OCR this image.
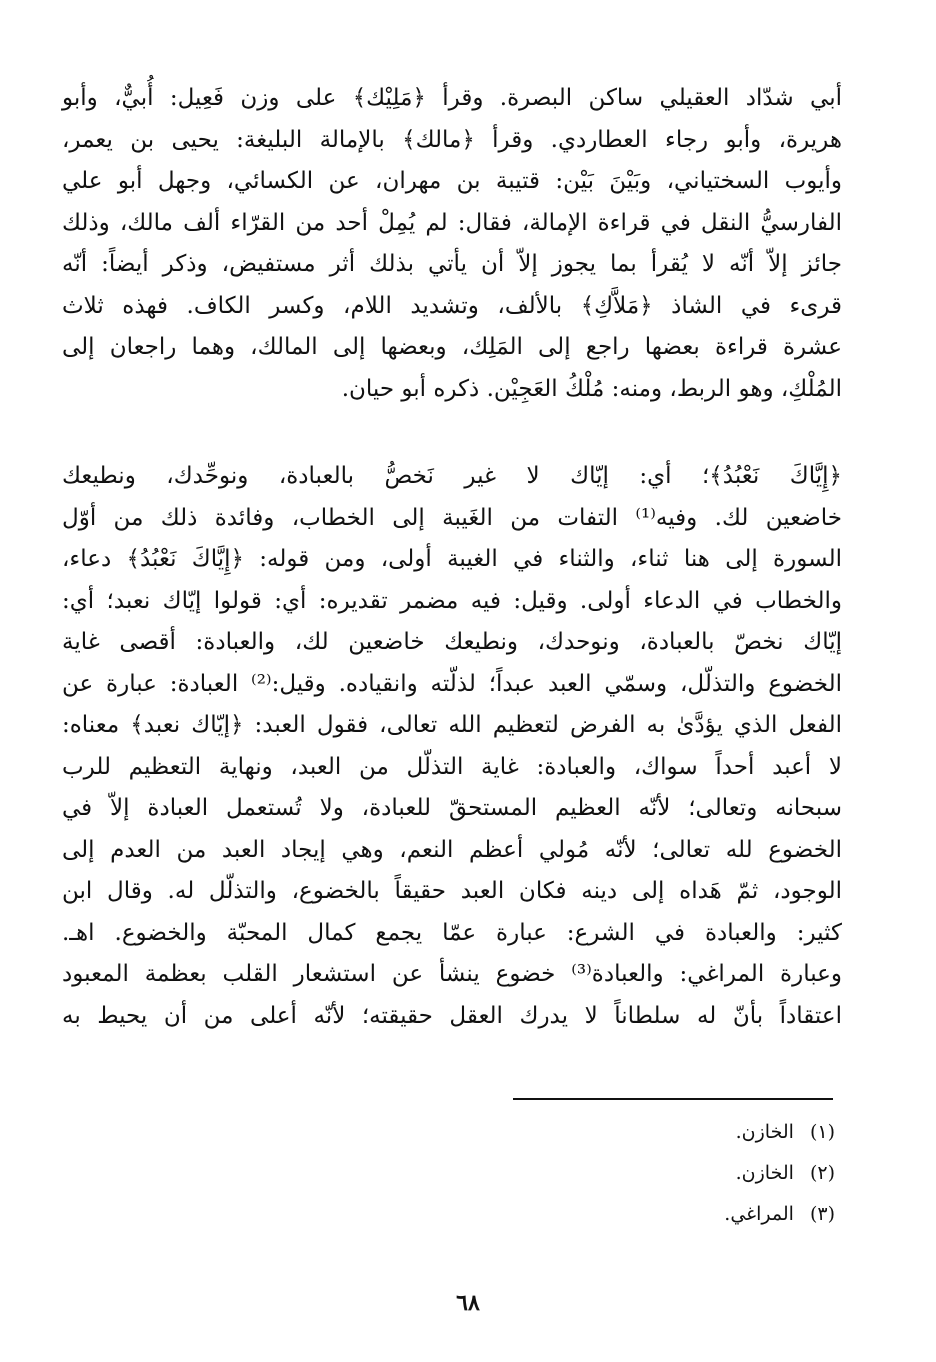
أبي شدّاد العقيلي ساكن البصرة. وقرأ ﴿مَلِيْك﴾ على وزن فَعِيل: أُبيٌّ، وأبو
هريرة، وأبو رجاء العطاردي. وقرأ ﴿مالك﴾ بالإمالة البليغة: يحيى بن يعمر،
وأيوب السختياني، وبَيْنَ بَيْن: قتيبة بن مهران، عن الكسائي، وجهل أبو علي
الفارسيُّ النقل في قراءة الإمالة، فقال: لم يُمِلْ أحد من القرّاء ألف مالك، وذلك
جائز إلاّ أنّه لا يُقرأ بما يجوز إلاّ أن يأتي بذلك أثر مستفيض، وذكر أيضاً: أنّه
قرىء في الشاذ ﴿مَلاَّكِ﴾ بالألف، وتشديد اللام، وكسر الكاف. فهذه ثلاث
عشرة قراءة بعضها راجع إلى المَلِك، وبعضها إلى المالك، وهما راجعان إلى
المُلْكِ، وهو الربط، ومنه: مُلْكُ العَجِيْن. ذكره أبو حيان.
﴿إِيَّاكَ نَعْبُدُ﴾؛ أي: إيّاك لا غير نَخصُّ بالعبادة، ونوحِّدك، ونطيعك
خاضعين لك. وفيه⁽¹⁾ التفات من الغَيبة إلى الخطاب، وفائدة ذلك من أوّل
السورة إلى هنا ثناء، والثناء في الغيبة أولى، ومن قوله: ﴿إِيَّاكَ نَعْبُدُ﴾ دعاء،
والخطاب في الدعاء أولى. وقيل: فيه مضمر تقديره: أي: قولوا إيّاك نعبد؛ أي:
إيّاك نخصّ بالعبادة، ونوحدك، ونطيعك خاضعين لك، والعبادة: أقصى غاية
الخضوع والتذلّل، وسمّي العبد عبداً؛ لذلّته وانقياده. وقيل:⁽²⁾ العبادة: عبارة عن
الفعل الذي يؤدَّىٰ به الفرض لتعظيم الله تعالى، فقول العبد: ﴿إيّاك نعبد﴾ معناه:
لا أعبد أحداً سواك، والعبادة: غاية التذلّل من العبد، ونهاية التعظيم للرب
سبحانه وتعالى؛ لأنّه العظيم المستحقّ للعبادة، ولا تُستعمل العبادة إلاّ في
الخضوع لله تعالى؛ لأنّه مُولي أعظم النعم، وهي إيجاد العبد من العدم إلى
الوجود، ثمّ هَداه إلى دينه فكان العبد حقيقاً بالخضوع، والتذلّل له. وقال ابن
كثير: والعبادة في الشرع: عبارة عمّا يجمع كمال المحبّة والخضوع. اهـ.
وعبارة المراغي: والعبادة⁽³⁾ خضوع ينشأ عن استشعار القلب بعظمة المعبود
اعتقاداً بأنّ له سلطاناً لا يدرك العقل حقيقته؛ لأنّه أعلى من أن يحيط به
(١)الخازن.
(٢)الخازن.
(٣)المراغي.
٦٨
